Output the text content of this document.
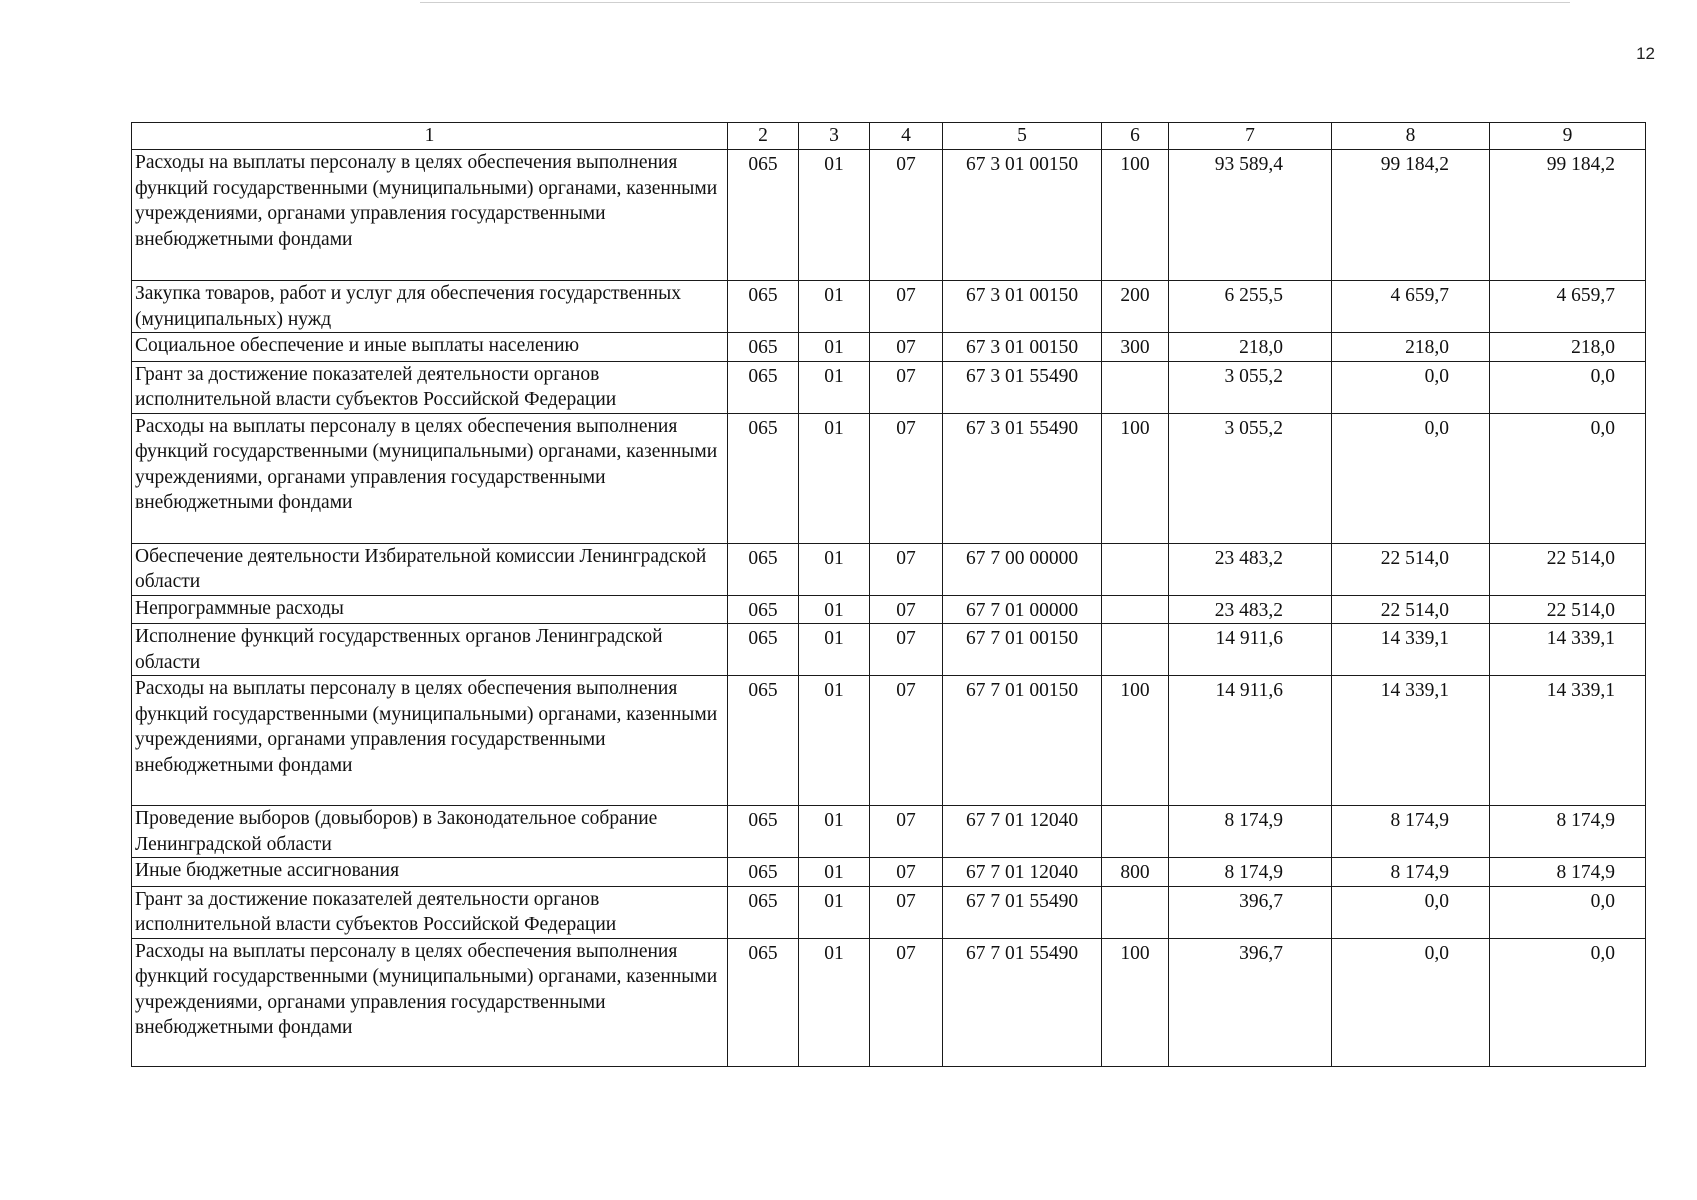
12
1	2	3	4	5	6	7	8	9
Расходы на выплаты персоналу в целях обеспечения выполнения функций государственными (муниципальными) органами, казенными учреждениями, органами управления государственными внебюджетными фондами	065	01	07	67 3 01 00150	100	93 589,4	99 184,2	99 184,2
Закупка товаров, работ и услуг для обеспечения государственных (муниципальных) нужд	065	01	07	67 3 01 00150	200	6 255,5	4 659,7	4 659,7
Социальное обеспечение и иные выплаты населению	065	01	07	67 3 01 00150	300	218,0	218,0	218,0
Грант за достижение показателей деятельности органов исполнительной власти субъектов Российской Федерации	065	01	07	67 3 01 55490		3 055,2	0,0	0,0
Расходы на выплаты персоналу в целях обеспечения выполнения функций государственными (муниципальными) органами, казенными учреждениями, органами управления государственными внебюджетными фондами	065	01	07	67 3 01 55490	100	3 055,2	0,0	0,0
Обеспечение деятельности Избирательной комиссии Ленинградской области	065	01	07	67 7 00 00000		23 483,2	22 514,0	22 514,0
Непрограммные расходы	065	01	07	67 7 01 00000		23 483,2	22 514,0	22 514,0
Исполнение функций государственных органов Ленинградской области	065	01	07	67 7 01 00150		14 911,6	14 339,1	14 339,1
Расходы на выплаты персоналу в целях обеспечения выполнения функций государственными (муниципальными) органами, казенными учреждениями, органами управления государственными внебюджетными фондами	065	01	07	67 7 01 00150	100	14 911,6	14 339,1	14 339,1
Проведение выборов (довыборов) в Законодательное собрание Ленинградской области	065	01	07	67 7 01 12040		8 174,9	8 174,9	8 174,9
Иные бюджетные ассигнования	065	01	07	67 7 01 12040	800	8 174,9	8 174,9	8 174,9
Грант за достижение показателей деятельности органов исполнительной власти субъектов Российской Федерации	065	01	07	67 7 01 55490		396,7	0,0	0,0
Расходы на выплаты персоналу в целях обеспечения выполнения функций государственными (муниципальными) органами, казенными учреждениями, органами управления государственными внебюджетными фондами	065	01	07	67 7 01 55490	100	396,7	0,0	0,0
